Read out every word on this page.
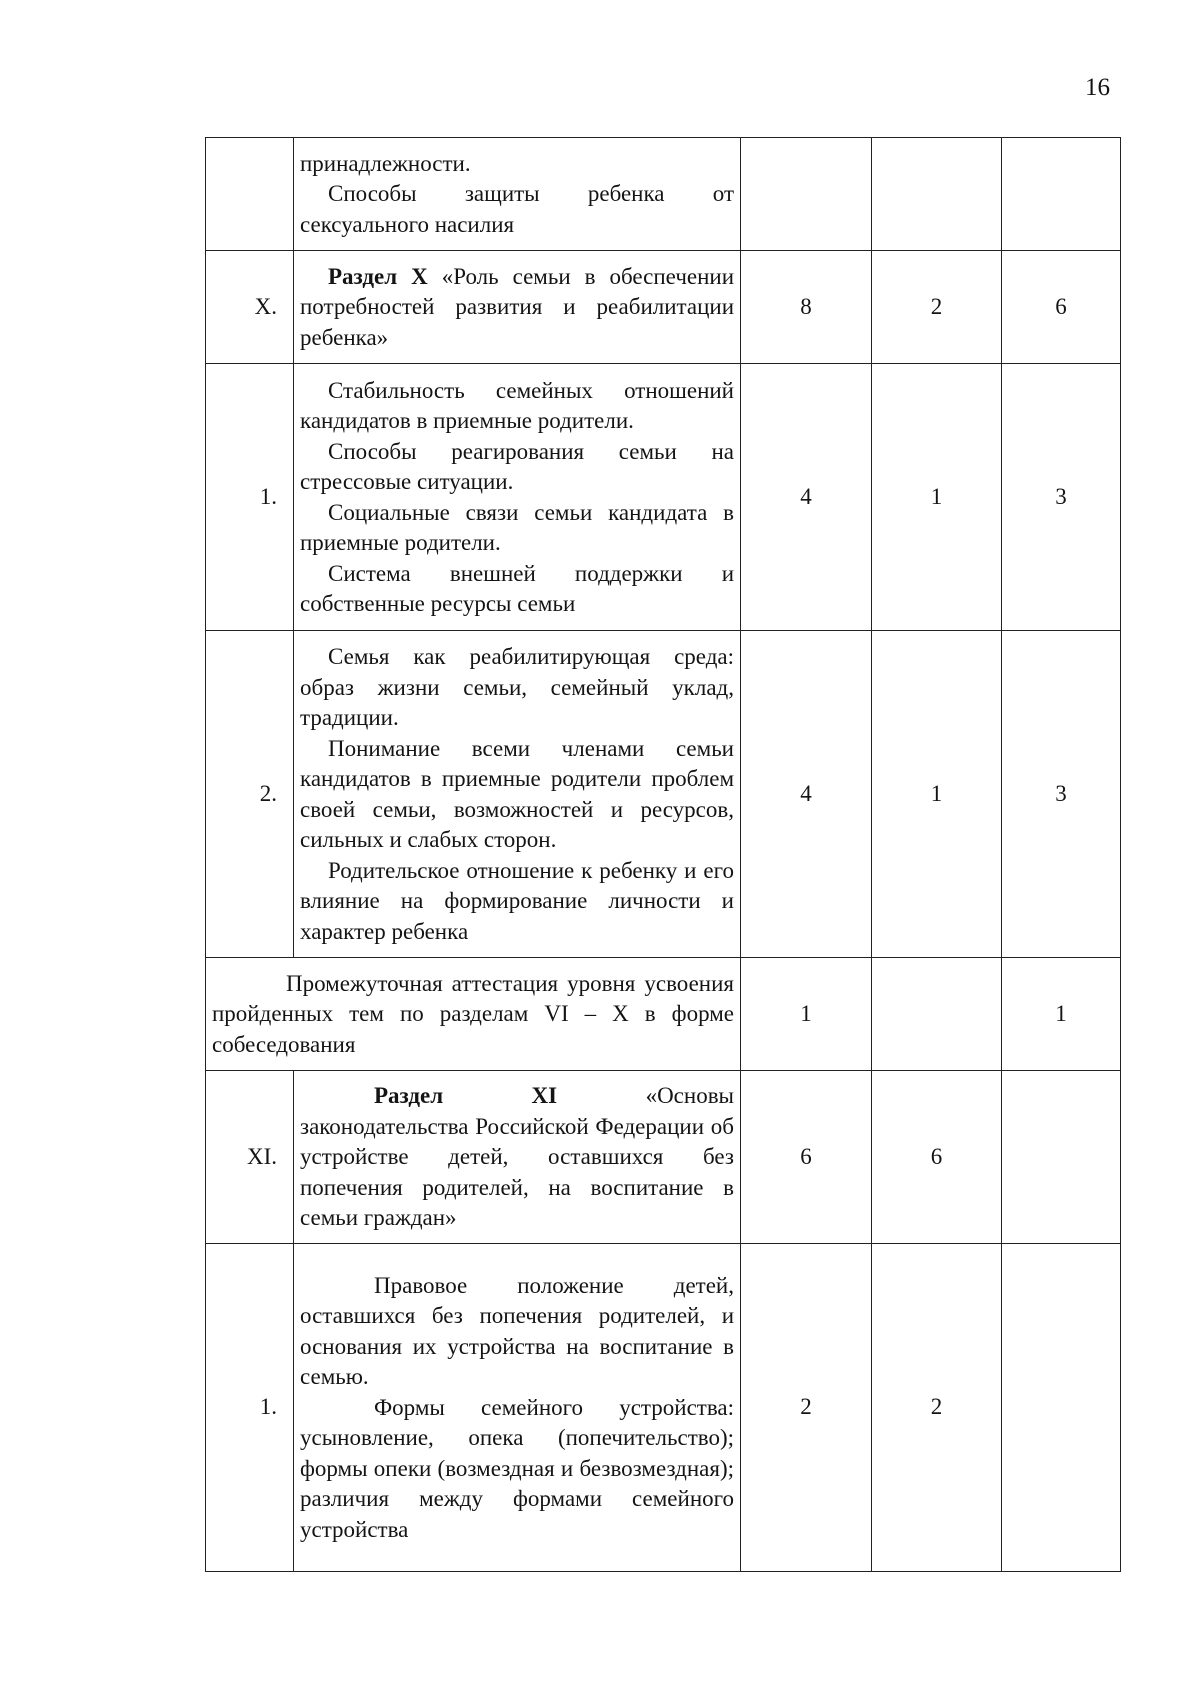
16

	принадлежности.
Способы защиты ребенка от сексуального насилия			

X.	Раздел X «Роль семьи в обеспечении потребностей развития и реабилитации ребенка»	8	2	6
1.	Стабильность семейных отношений кандидатов в приемные родители.
Способы реагирования семьи на стрессовые ситуации.
Социальные связи семьи кандидата в приемные родители.
Система внешней поддержки и собственные ресурсы семьи	4	1	3
2.	Семья как реабилитирующая среда: образ жизни семьи, семейный уклад, традиции.
Понимание всеми членами семьи кандидатов в приемные родители проблем своей семьи, возможностей и ресурсов, сильных и слабых сторон.
Родительское отношение к ребенку и его влияние на формирование личности и характер ребенка	4	1	3

Промежуточная аттестация уровня усвоения пройденных тем по разделам VI – X в форме собеседования		1		1
XI.	Раздел XI «Основы законодательства Российской Федерации об устройстве детей, оставшихся без попечения родителей, на воспитание в семьи граждан»	6	6	
1.	Правовое положение детей, оставшихся без попечения родителей, и основания их устройства на воспитание в семью.
Формы семейного устройства: усыновление, опека (попечительство); формы опеки (возмездная и безвозмездная); различия между формами семейного устройства	2	2	
